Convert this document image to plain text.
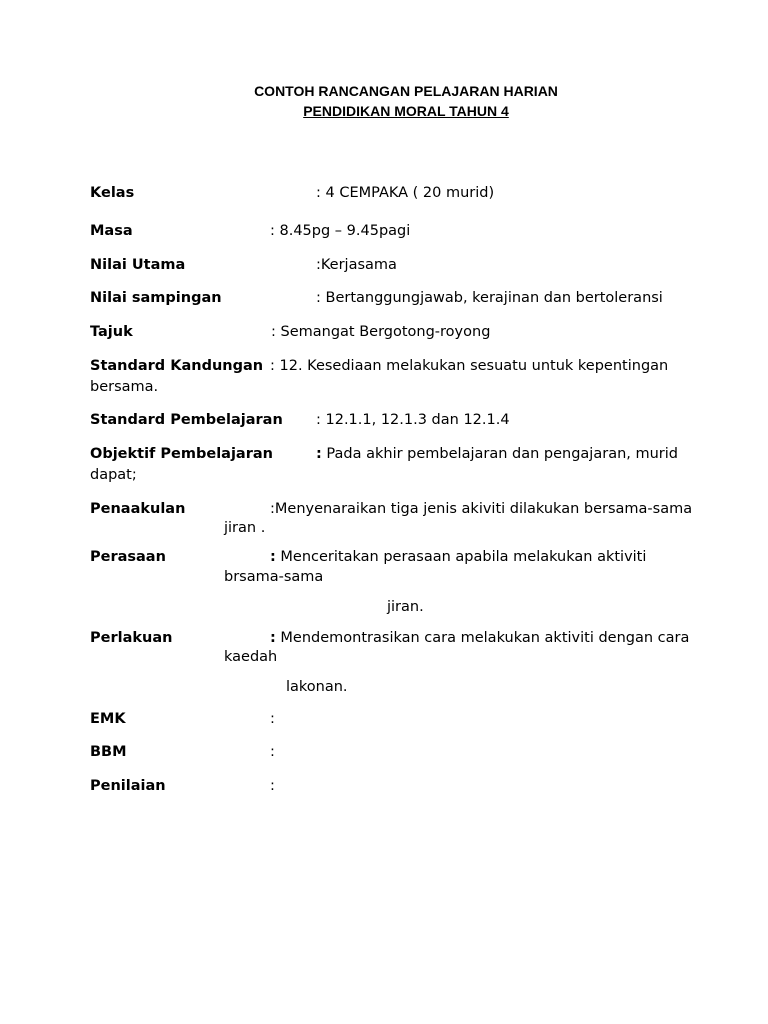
CONTOH RANCANGAN PELAJARAN HARIAN
PENDIDIKAN MORAL TAHUN 4
Kelas	: 4 CEMPAKA ( 20 murid)
Masa	: 8.45pg – 9.45pagi
Nilai Utama	:Kerjasama
Nilai sampingan	: Bertanggungjawab, kerajinan dan bertoleransi
Tajuk	: Semangat Bergotong-royong
Standard Kandungan : 12. Kesediaan melakukan sesuatu untuk kepentingan
bersama.
Standard Pembelajaran : 12.1.1, 12.1.3 dan 12.1.4
Objektif Pembelajaran	: Pada akhir pembelajaran dan pengajaran, murid
dapat;
Penaakulan	:Menyenaraikan tiga jenis akiviti dilakukan bersama-sama
jiran .
Perasaan	: Menceritakan perasaan apabila melakukan aktiviti
brsama-sama
jiran.
Perlakuan	: Mendemontrasikan cara melakukan aktiviti dengan cara
kaedah
lakonan.
EMK	:
BBM	:
Penilaian	:
